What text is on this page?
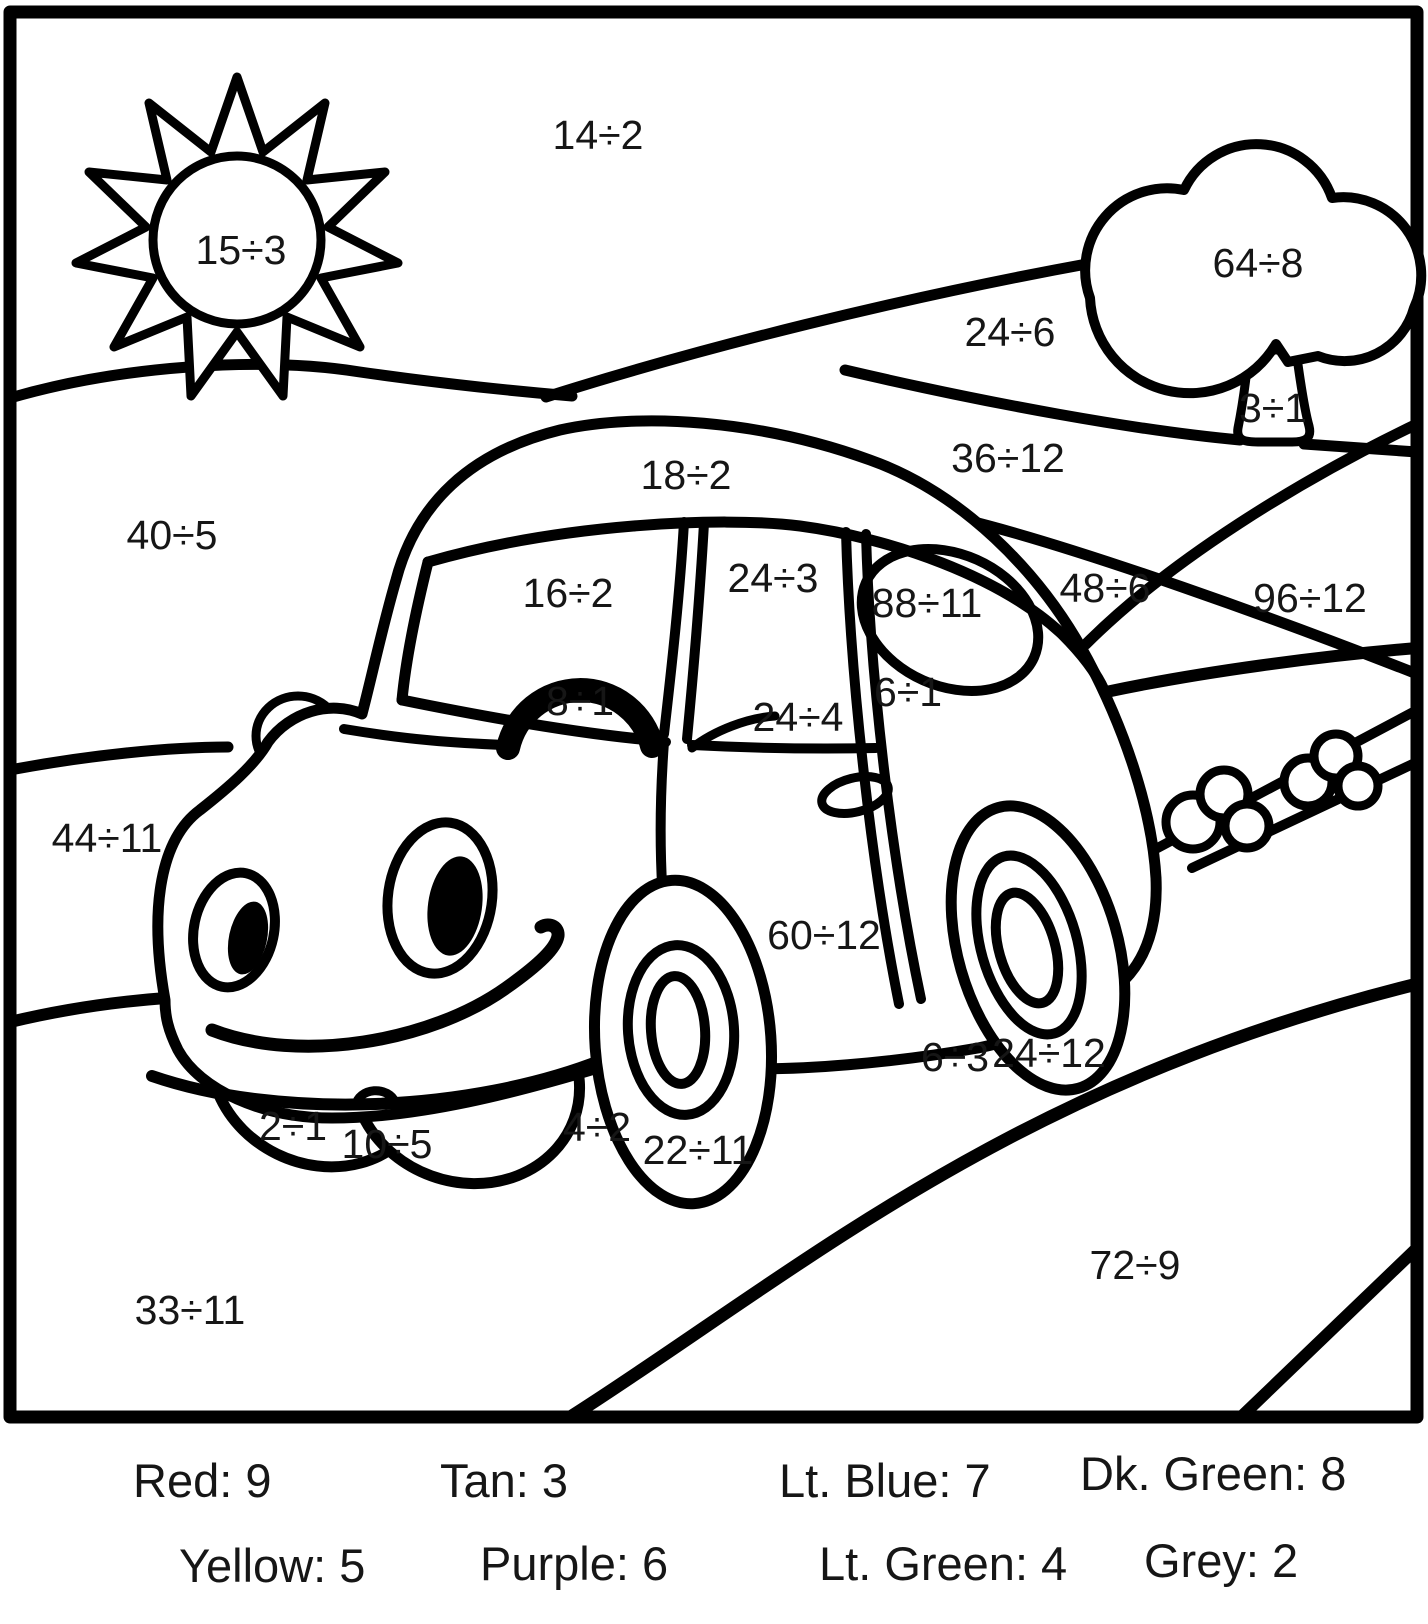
14÷2
15÷3	64÷8
24÷6
3÷1
36÷12
18÷2
40÷5
16÷2	24÷3
88÷11 48÷6	96÷12
8÷1	6÷1
24÷4
44÷11
60÷12
6÷3 24÷12
2÷1	4÷2
10÷5	22÷11
72÷9
33÷11
Red: 9	Tan: 3	Lt. Blue: 7 Dk. Green: 8
Yellow: 5 Purple: 6	Lt. Green: 4 Grey: 2
